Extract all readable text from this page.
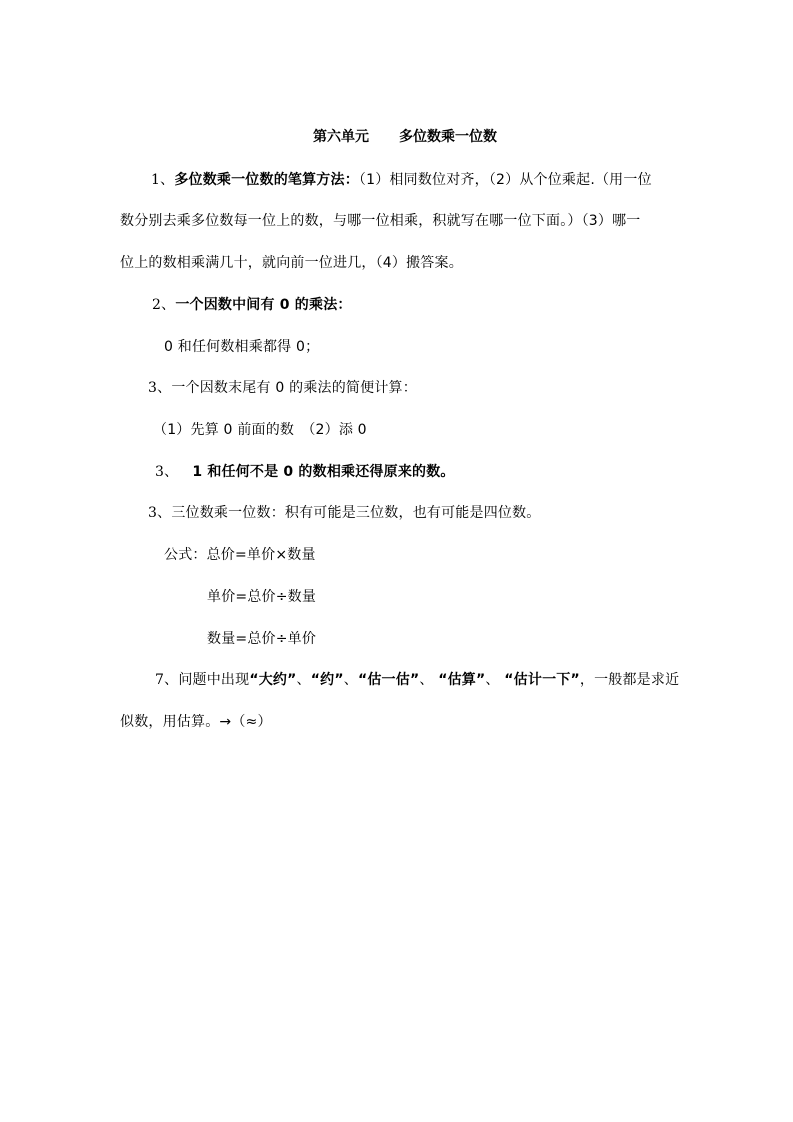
第六单元 多位数乘一位数
1、多位数乘一位数的笔算方法：（1）相同数位对齐，（2）从个位乘起.（用一位
数分别去乘多位数每一位上的数，与哪一位相乘，积就写在哪一位下面。）（3）哪一
位上的数相乘满几十，就向前一位进几，（4）搬答案。
2、一个因数中间有 0 的乘法：
0 和任何数相乘都得 0；
3、一个因数末尾有 0 的乘法的简便计算：
（1）先算 0 前面的数　（2）添 0
3、 1 和任何不是 0 的数相乘还得原来的数。
3、三位数乘一位数：积有可能是三位数，也有可能是四位数。
公式：总价=单价×数量
单价=总价÷数量
数量=总价÷单价
7、问题中出现“大约”、“约”、“估一估”、 “估算”、 “估计一下”，一般都是求近
似数，用估算。→（≈）
